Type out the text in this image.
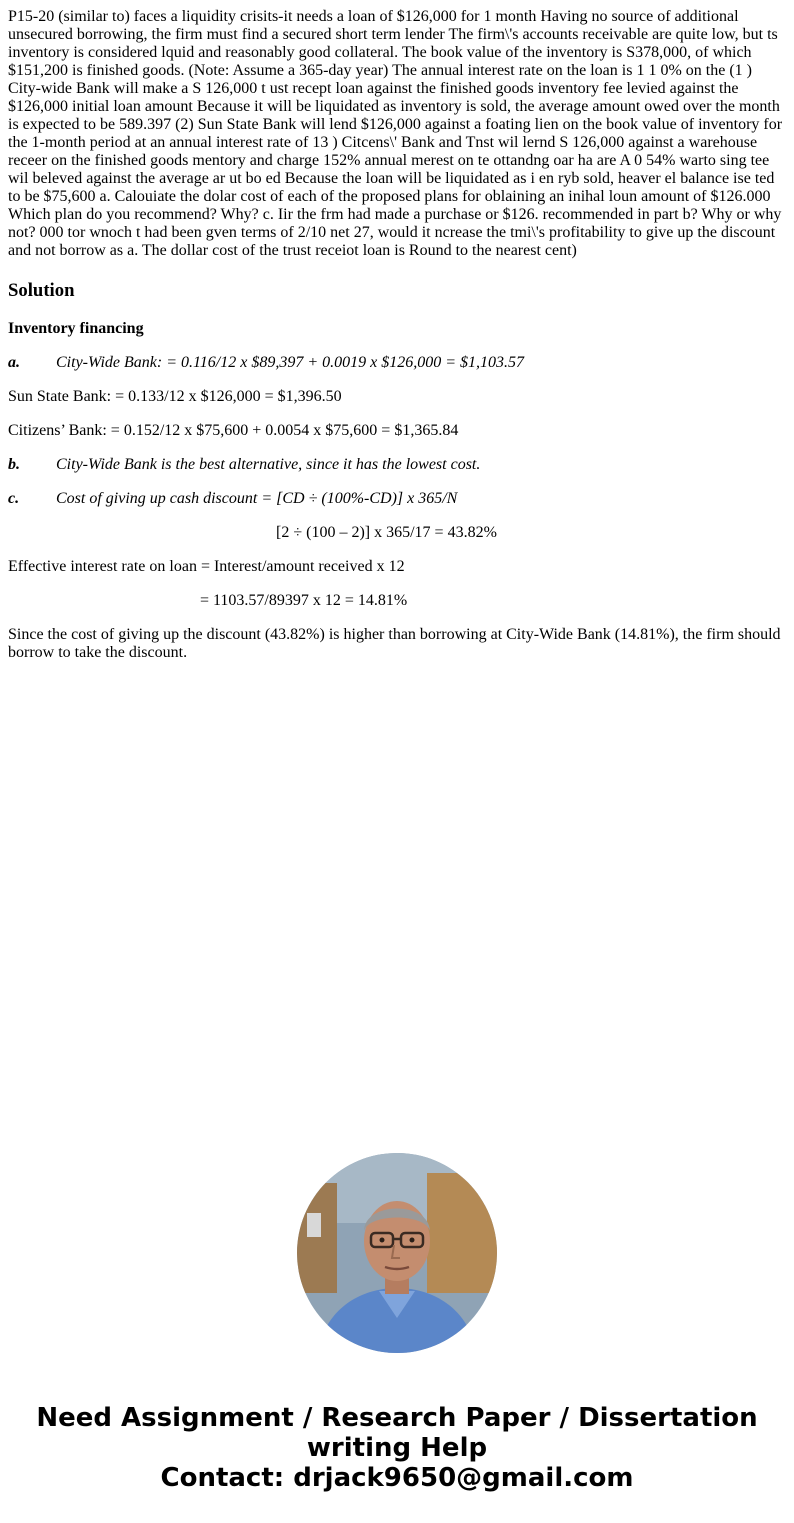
P15-20 (similar to) faces a liquidity crisits-it needs a loan of $126,000 for 1 month Having no source of additional unsecured borrowing, the firm must find a secured short term lender The firm\'s accounts receivable are quite low, but ts inventory is considered lquid and reasonably good collateral. The book value of the inventory is S378,000, of which $151,200 is finished goods. (Note: Assume a 365-day year) The annual interest rate on the loan is 1 1 0% on the (1 ) City-wide Bank will make a S 126,000 t ust recept loan against the finished goods inventory fee levied against the $126,000 initial loan amount Because it will be liquidated as inventory is sold, the average amount owed over the month is expected to be 589.397 (2) Sun State Bank will lend $126,000 against a foating lien on the book value of inventory for the 1-month period at an annual interest rate of 13 ) Citcens\' Bank and Tnst wil lernd S 126,000 against a warehouse receer on the finished goods mentory and charge 152% annual merest on te ottandng oar ha are A 0 54% warto sing tee wil beleved against the average ar ut bo ed Because the loan will be liquidated as i en ryb sold, heaver el balance ise ted to be $75,600 a. Calouiate the dolar cost of each of the proposed plans for oblaining an inihal loun amount of $126.000 Which plan do you recommend? Why? c. Iir the frm had made a purchase or $126. recommended in part b? Why or why not? 000 tor wnoch t had been gven terms of 2/10 net 27, would it ncrease the tmi\'s profitability to give up the discount and not borrow as a. The dollar cost of the trust receiot loan is Round to the nearest cent)

Solution

Inventory financing

a. City-Wide Bank: = 0.116/12 x $89,397 + 0.0019 x $126,000 = $1,103.57

Sun State Bank: = 0.133/12 x $126,000 = $1,396.50

Citizens’ Bank: = 0.152/12 x $75,600 + 0.0054 x $75,600 = $1,365.84

b. City-Wide Bank is the best alternative, since it has the lowest cost.

c. Cost of giving up cash discount = [CD ÷ (100%-CD)] x 365/N

[2 ÷ (100 – 2)] x 365/17 = 43.82%

Effective interest rate on loan = Interest/amount received x 12

= 1103.57/89397 x 12 = 14.81%

Since the cost of giving up the discount (43.82%) is higher than borrowing at City-Wide Bank (14.81%), the firm should borrow to take the discount.

Need Assignment / Research Paper / Dissertation
writing Help
Contact: drjack9650@gmail.com
